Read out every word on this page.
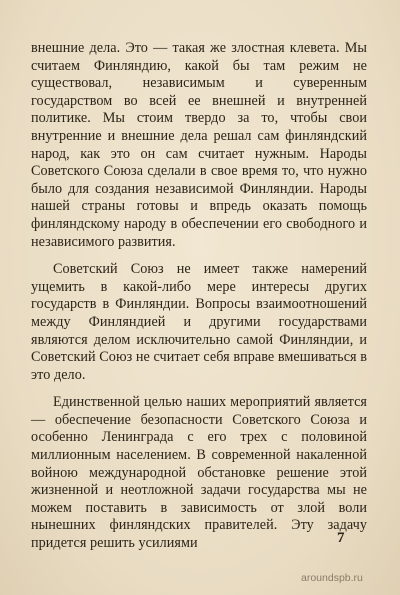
внешние дела. Это — такая же злостная клевета. Мы считаем Финляндию, какой бы там режим не существовал, независимым и суверенным государством во всей ее внешней и внутренней политике. Мы стоим твердо за то, чтобы свои внутренние и внешние дела решал сам финляндский народ, как это он сам считает нужным. Народы Советского Союза сделали в свое время то, что нужно было для создания независимой Финляндии. Народы нашей страны готовы и впредь оказать помощь финляндскому народу в обеспечении его свободного и независимого развития.

Советский Союз не имеет также намерений ущемить в какой-либо мере интересы других государств в Финляндии. Вопросы взаимоотношений между Финляндией и другими государствами являются делом исключительно самой Финляндии, и Советский Союз не считает себя вправе вмешиваться в это дело.

Единственной целью наших мероприятий является — обеспечение безопасности Советского Союза и особенно Ленинграда с его трех с половиной миллионным населением. В современной накаленной войною международной обстановке решение этой жизненной и неотложной задачи государства мы не можем поставить в зависимость от злой воли нынешних финляндских правителей. Эту задачу придется решить усилиями	7
aroundspb.ru
